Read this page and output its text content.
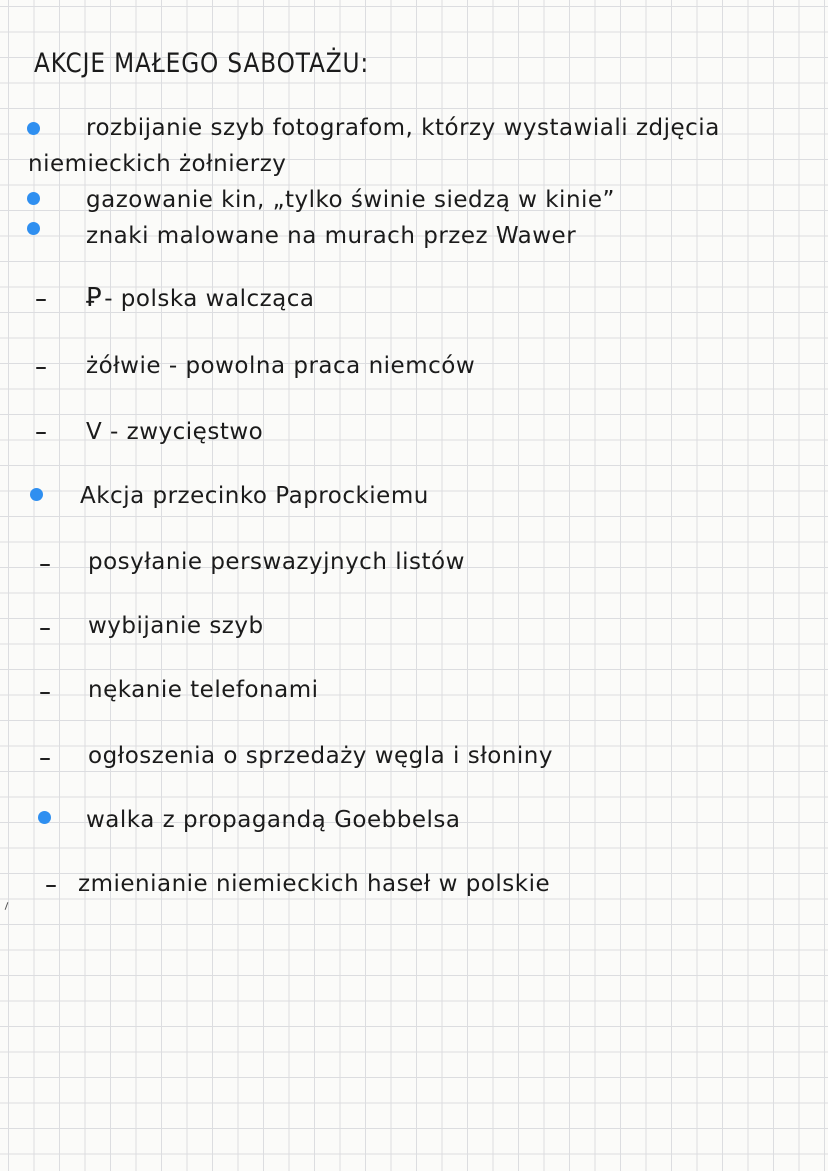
AKCJE MAŁEGO SABOTAŻU:
rozbijanie szyb fotografom, którzy wystawiali zdjęcia
niemieckich żołnierzy
gazowanie kin, „tylko świnie siedzą w kinie”
znaki malowane na murach przez Wawer
Ꝑ- polska walcząca
żółwie - powolna praca niemców
V - zwycięstwo
Akcja przecinko Paprockiemu
posyłanie perswazyjnych listów
wybijanie szyb
nękanie telefonami
ogłoszenia o sprzedaży węgla i słoniny
walka z propagandą Goebbelsa
zmienianie niemieckich haseł w polskie
